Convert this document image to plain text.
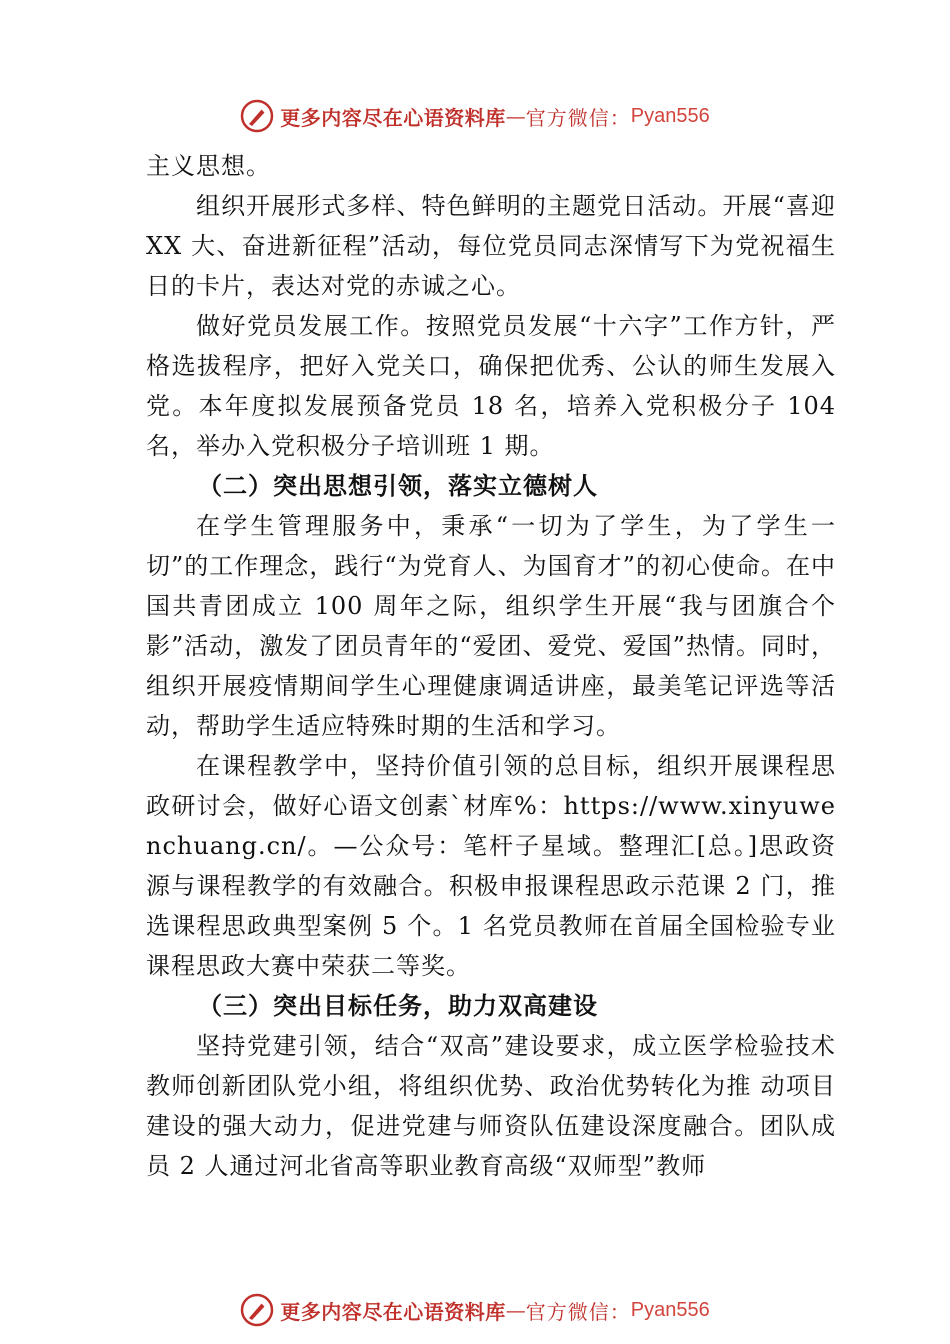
更多内容尽在心语资料库 — 官方微信： Pyan556

主义思想。

组织开展形式多样、特色鲜明的主题党日活动。开展“喜迎 XX 大、奋进新征程”活动，每位党员同志深情写下为党祝福生日的卡片，表达对党的赤诚之心。

做好党员发展工作。按照党员发展“十六字”工作方针，严格选拔程序，把好入党关口，确保把优秀、公认的师生发展入党。本年度拟发展预备党员 18 名，培养入党积极分子 104 名，举办入党积极分子培训班 1 期。

（二）突出思想引领，落实立德树人

在学生管理服务中，秉承“一切为了学生，为了学生一切”的工作理念，践行“为党育人、为国育才”的初心使命。在中国共青团成立 100 周年之际，组织学生开展“我与团旗合个影”活动，激发了团员青年的“爱团、爱党、爱国”热情。同时，组织开展疫情期间学生心理健康调适讲座，最美笔记评选等活动，帮助学生适应特殊时期的生活和学习。

在课程教学中，坚持价值引领的总目标，组织开展课程思政研讨会，做好心语文创素`材库%：https://www.xinyuwenchuang.cn/。—公众号：笔杆子星域。整理汇[总。]思政资源与课程教学的有效融合。积极申报课程思政示范课 2 门，推选课程思政典型案例 5 个。1 名党员教师在首届全国检验专业课程思政大赛中荣获二等奖。

（三）突出目标任务，助力双高建设

坚持党建引领，结合“双高”建设要求，成立医学检验技术教师创新团队党小组，将组织优势、政治优势转化为推 动项目建设的强大动力，促进党建与师资队伍建设深度融合。团队成员 2 人通过河北省高等职业教育高级“双师型”教师

更多内容尽在心语资料库 — 官方微信： Pyan556
